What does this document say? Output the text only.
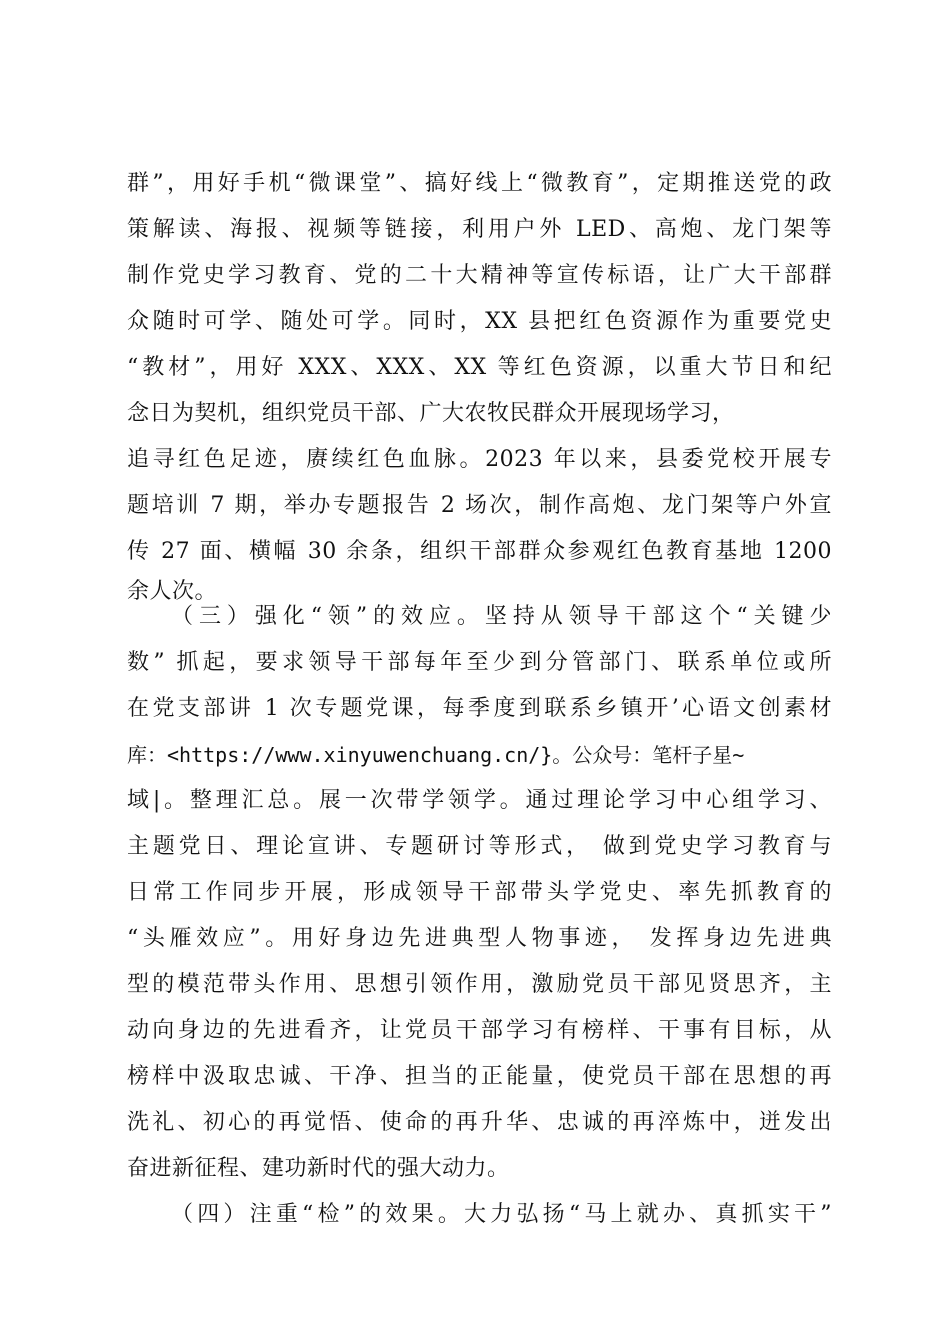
群”，用好手机“微课堂”、搞好线上“微教育”，定期推送党的政
策解读、海报、视频等链接，利用户外 LED、高炮、龙门架等
制作党史学习教育、党的二十大精神等宣传标语，让广大干部群
众随时可学、随处可学。同时，XX 县把红色资源作为重要党史
“教材”，用好 XXX、XXX、XX 等红色资源，以重大节日和纪
念日为契机，组织党员干部、广大农牧民群众开展现场学习，
追寻红色足迹，赓续红色血脉。2023 年以来，县委党校开展专
题培训 7 期，举办专题报告 2 场次，制作高炮、龙门架等户外宣
传 27 面、横幅 30 余条，组织干部群众参观红色教育基地 1200
余人次。
（三）强化“领”的效应。坚持从领导干部这个“关键少
数” 抓起，要求领导干部每年至少到分管部门、联系单位或所
在党支部讲 1 次专题党课，每季度到联系乡镇开’心语文创素材
库：<https://www.xinyuwenchuang.cn/}。公众号：笔杆子星~
域|。整理汇总。展一次带学领学。通过理论学习中心组学习、
主题党日、理论宣讲、专题研讨等形式， 做到党史学习教育与
日常工作同步开展，形成领导干部带头学党史、率先抓教育的
“头雁效应”。用好身边先进典型人物事迹， 发挥身边先进典
型的模范带头作用、思想引领作用，激励党员干部见贤思齐，主
动向身边的先进看齐，让党员干部学习有榜样、干事有目标，从
榜样中汲取忠诚、干净、担当的正能量，使党员干部在思想的再
洗礼、初心的再觉悟、使命的再升华、忠诚的再淬炼中，迸发出
奋进新征程、建功新时代的强大动力。
（四）注重“检”的效果。大力弘扬“马上就办、真抓实干”
